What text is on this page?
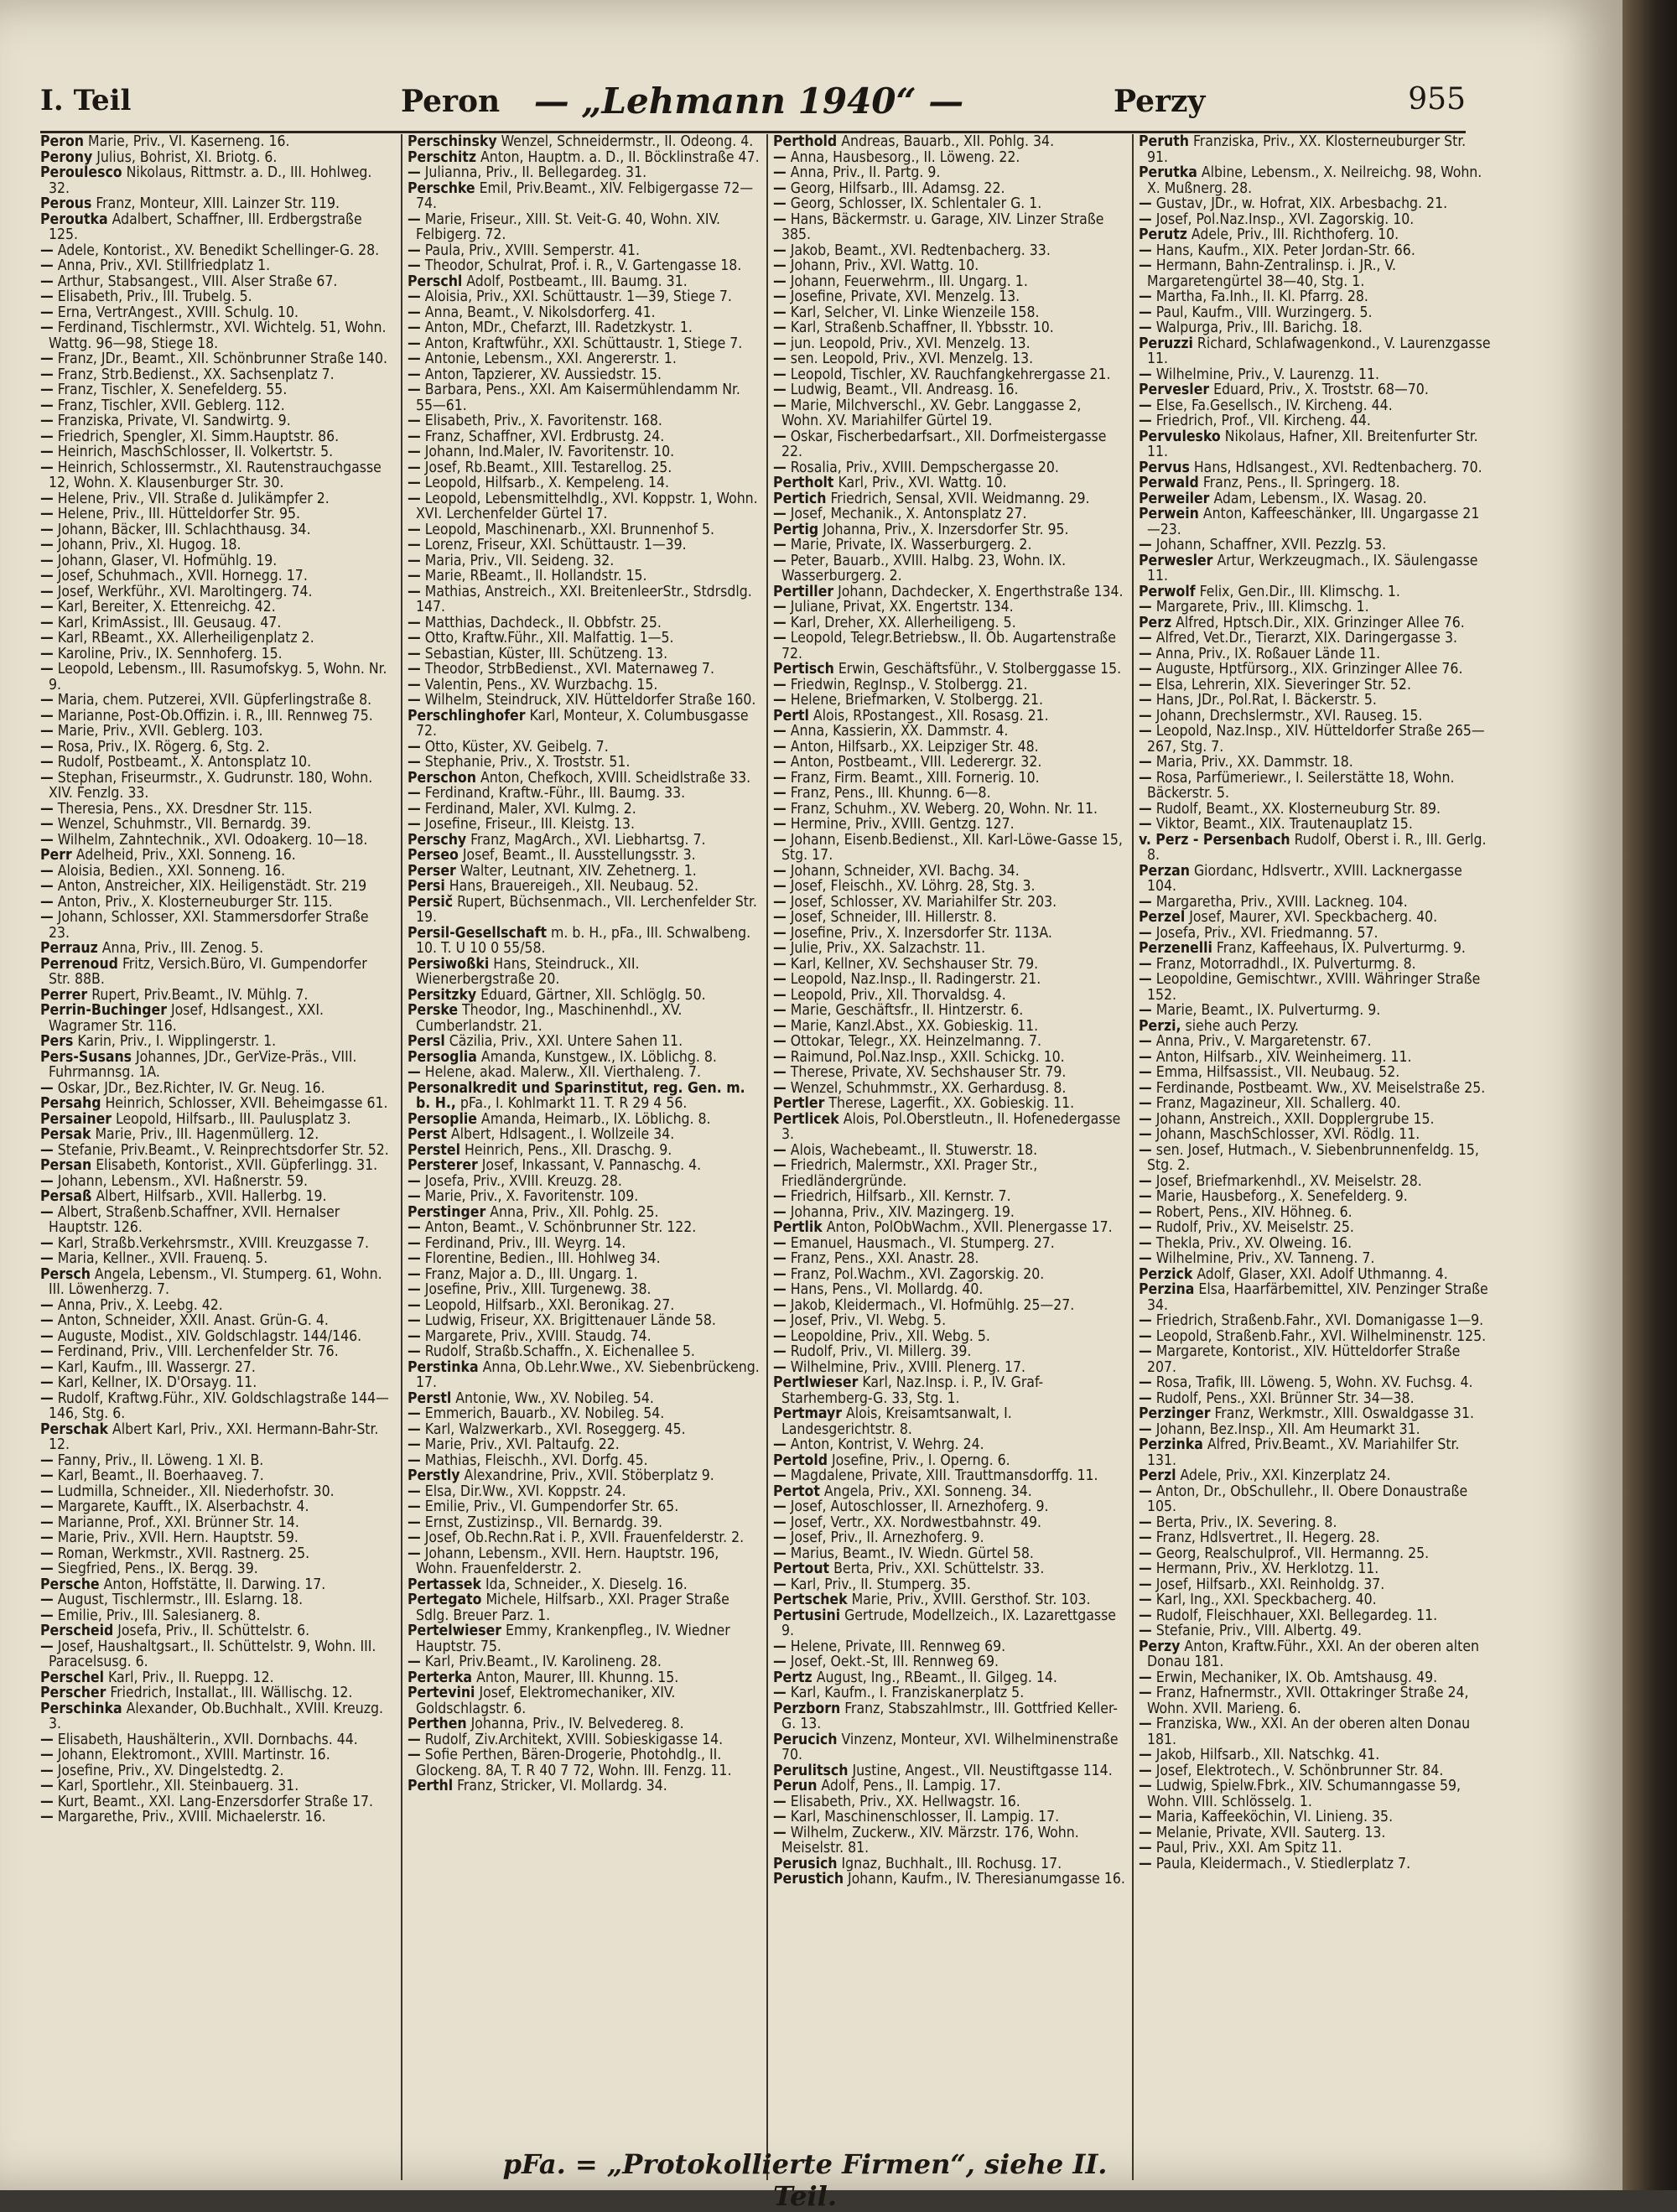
I. Teil	Peron — „Lehmann 1940“ —	Perzy	955
Peron Marie, Priv., VI. Kaserneng. 16.
Perony Julius, Bohrist, XI. Briotg. 6.
Peroulesco Nikolaus, Rittmstr. a. D., III. Hohlweg. 32.
Perous Franz, Monteur, XIII. Lainzer Str. 119.
Peroutka Adalbert, Schaffner, III. Erdbergstraße 125.
— Adele, Kontorist., XV. Benedikt Schellinger-G. 28.
— Anna, Priv., XVI. Stillfriedplatz 1.
— Arthur, Stabsangest., VIII. Alser Straße 67.
— Elisabeth, Priv., III. Trubelg. 5.
— Erna, VertrAngest., XVIII. Schulg. 10.
— Ferdinand, Tischlermstr., XVI. Wichtelg. 51, Wohn. Wattg. 96—98, Stiege 18.
— Franz, JDr., Beamt., XII. Schönbrunner Straße 140.
— Franz, Strb.Bedienst., XX. Sachsenplatz 7.
— Franz, Tischler, X. Senefelderg. 55.
— Franz, Tischler, XVII. Geblerg. 112.
— Franziska, Private, VI. Sandwirtg. 9.
— Friedrich, Spengler, XI. Simm.Hauptstr. 86.
— Heinrich, MaschSchlosser, II. Volkertstr. 5.
— Heinrich, Schlossermstr., XI. Rautenstrauchgasse 12, Wohn. X. Klausenburger Str. 30.
— Helene, Priv., VII. Straße d. Julikämpfer 2.
— Helene, Priv., III. Hütteldorfer Str. 95.
— Johann, Bäcker, III. Schlachthausg. 34.
— Johann, Priv., XI. Hugog. 18.
— Johann, Glaser, VI. Hofmühlg. 19.
— Josef, Schuhmach., XVII. Hornegg. 17.
— Josef, Werkführ., XVI. Maroltingerg. 74.
— Karl, Bereiter, X. Ettenreichg. 42.
— Karl, KrimAssist., III. Geusaug. 47.
— Karl, RBeamt., XX. Allerheiligenplatz 2.
— Karoline, Priv., IX. Sennhoferg. 15.
— Leopold, Lebensm., III. Rasumofskyg. 5, Wohn. Nr. 9.
— Maria, chem. Putzerei, XVII. Güpferlingstraße 8.
— Marianne, Post-Ob.Offizin. i. R., III. Rennweg 75.
— Marie, Priv., XVII. Geblerg. 103.
— Rosa, Priv., IX. Rögerg. 6, Stg. 2.
— Rudolf, Postbeamt., X. Antonsplatz 10.
— Stephan, Friseurmstr., X. Gudrunstr. 180, Wohn. XIV. Fenzlg. 33.
— Theresia, Pens., XX. Dresdner Str. 115.
— Wenzel, Schuhmstr., VII. Bernardg. 39.
— Wilhelm, Zahntechnik., XVI. Odoakerg. 10—18.
Perr Adelheid, Priv., XXI. Sonneng. 16.
— Aloisia, Bedien., XXI. Sonneng. 16.
— Anton, Anstreicher, XIX. Heiligenstädt. Str. 219
— Anton, Priv., X. Klosterneuburger Str. 115.
— Johann, Schlosser, XXI. Stammersdorfer Straße 23.
Perrauz Anna, Priv., III. Zenog. 5.
Perrenoud Fritz, Versich.Büro, VI. Gumpendorfer Str. 88B.
Perrer Rupert, Priv.Beamt., IV. Mühlg. 7.
Perrin-Buchinger Josef, Hdlsangest., XXI. Wagramer Str. 116.
Pers Karin, Priv., I. Wipplingerstr. 1.
Pers-Susans Johannes, JDr., GerVize-Präs., VIII. Fuhrmannsg. 1A.
— Oskar, JDr., Bez.Richter, IV. Gr. Neug. 16.
Persahg Heinrich, Schlosser, XVII. Beheimgasse 61.
Persainer Leopold, Hilfsarb., III. Paulusplatz 3.
Persak Marie, Priv., III. Hagenmüllerg. 12.
— Stefanie, Priv.Beamt., V. Reinprechtsdorfer Str. 52.
Persan Elisabeth, Kontorist., XVII. Güpferlingg. 31.
— Johann, Lebensm., XVI. Haßnerstr. 59.
Persaß Albert, Hilfsarb., XVII. Hallerbg. 19.
— Albert, Straßenb.Schaffner, XVII. Hernalser Hauptstr. 126.
— Karl, Straßb.Verkehrsmstr., XVIII. Kreuzgasse 7.
— Maria, Kellner., XVII. Frauenq. 5.
Persch Angela, Lebensm., VI. Stumperg. 61, Wohn. III. Löwenherzg. 7.
— Anna, Priv., X. Leebg. 42.
— Anton, Schneider, XXII. Anast. Grün-G. 4.
— Auguste, Modist., XIV. Goldschlagstr. 144/146.
— Ferdinand, Priv., VIII. Lerchenfelder Str. 76.
— Karl, Kaufm., III. Wassergr. 27.
— Karl, Kellner, IX. D'Orsayg. 11.
— Rudolf, Kraftwg.Führ., XIV. Goldschlagstraße 144—146, Stg. 6.
Perschak Albert Karl, Priv., XXI. Hermann-Bahr-Str. 12.
— Fanny, Priv., II. Löweng. 1 XI. B.
— Karl, Beamt., II. Boerhaaveg. 7.
— Ludmilla, Schneider., XII. Niederhofstr. 30.
— Margarete, Kaufft., IX. Alserbachstr. 4.
— Marianne, Prof., XXI. Brünner Str. 14.
— Marie, Priv., XVII. Hern. Hauptstr. 59.
— Roman, Werkmstr., XVII. Rastnerg. 25.
— Siegfried, Pens., IX. Berqg. 39.
Persche Anton, Hoffstätte, II. Darwing. 17.
— August, Tischlermstr., III. Eslarng. 18.
— Emilie, Priv., III. Salesianerg. 8.
Perscheid Josefa, Priv., II. Schüttelstr. 6.
— Josef, Haushaltgsart., II. Schüttelstr. 9, Wohn. III. Paracelsusg. 6.
Perschel Karl, Priv., II. Rueppg. 12.
Perscher Friedrich, Installat., III. Wällischg. 12.
Perschinka Alexander, Ob.Buchhalt., XVIII. Kreuzg. 3.
— Elisabeth, Haushälterin., XVII. Dornbachs. 44.
— Johann, Elektromont., XVIII. Martinstr. 16.
— Josefine, Priv., XV. Dingelstedtg. 2.
— Karl, Sportlehr., XII. Steinbauerg. 31.
— Kurt, Beamt., XXI. Lang-Enzersdorfer Straße 17.
— Margarethe, Priv., XVIII. Michaelerstr. 16.
Perschinsky Wenzel, Schneidermstr., II. Odeong. 4.
Perschitz Anton, Hauptm. a. D., II. Böcklinstraße 47.
— Julianna, Priv., II. Bellegardeg. 31.
Perschke Emil, Priv.Beamt., XIV. Felbigergasse 72—74.
— Marie, Friseur., XIII. St. Veit-G. 40, Wohn. XIV. Felbigerg. 72.
— Paula, Priv., XVIII. Semperstr. 41.
— Theodor, Schulrat, Prof. i. R., V. Gartengasse 18.
Perschl Adolf, Postbeamt., III. Baumg. 31.
— Aloisia, Priv., XXI. Schüttaustr. 1—39, Stiege 7.
— Anna, Beamt., V. Nikolsdorferg. 41.
— Anton, MDr., Chefarzt, III. Radetzkystr. 1.
— Anton, Kraftwführ., XXI. Schüttaustr. 1, Stiege 7.
— Antonie, Lebensm., XXI. Angererstr. 1.
— Anton, Tapzierer, XV. Aussiedstr. 15.
— Barbara, Pens., XXI. Am Kaisermühlendamm Nr. 55—61.
— Elisabeth, Priv., X. Favoritenstr. 168.
— Franz, Schaffner, XVI. Erdbrustg. 24.
— Johann, Ind.Maler, IV. Favoritenstr. 10.
— Josef, Rb.Beamt., XIII. Testarellog. 25.
— Leopold, Hilfsarb., X. Kempeleng. 14.
— Leopold, Lebensmittelhdlg., XVI. Koppstr. 1, Wohn. XVI. Lerchenfelder Gürtel 17.
— Leopold, Maschinenarb., XXI. Brunnenhof 5.
— Lorenz, Friseur, XXI. Schüttaustr. 1—39.
— Maria, Priv., VII. Seideng. 32.
— Marie, RBeamt., II. Hollandstr. 15.
— Mathias, Anstreich., XXI. BreitenleerStr., Stdrsdlg. 147.
— Matthias, Dachdeck., II. Obbfstr. 25.
— Otto, Kraftw.Führ., XII. Malfattig. 1—5.
— Sebastian, Küster, III. Schützeng. 13.
— Theodor, StrbBedienst., XVI. Maternaweg 7.
— Valentin, Pens., XV. Wurzbachg. 15.
— Wilhelm, Steindruck, XIV. Hütteldorfer Straße 160.
Perschlinghofer Karl, Monteur, X. Columbusgasse 72.
— Otto, Küster, XV. Geibelg. 7.
— Stephanie, Priv., X. Troststr. 51.
Perschon Anton, Chefkoch, XVIII. Scheidlstraße 33.
— Ferdinand, Kraftw.-Führ., III. Baumg. 33.
— Ferdinand, Maler, XVI. Kulmg. 2.
— Josefine, Friseur., III. Kleistg. 13.
Perschy Franz, MagArch., XVI. Liebhartsg. 7.
Perseo Josef, Beamt., II. Ausstellungsstr. 3.
Perser Walter, Leutnant, XIV. Zehetnerg. 1.
Persi Hans, Brauereigeh., XII. Neubaug. 52.
Persič Rupert, Büchsenmach., VII. Lerchenfelder Str. 19.
Persil-Gesellschaft m. b. H., pFa., III. Schwalbeng. 10. T. U 10 0 55/58.
Persiwoßki Hans, Steindruck., XII. Wienerbergstraße 20.
Persitzky Eduard, Gärtner, XII. Schlöglg. 50.
Perske Theodor, Ing., Maschinenhdl., XV. Cumberlandstr. 21.
Persl Cäzilia, Priv., XXI. Untere Sahen 11.
Persoglia Amanda, Kunstgew., IX. Löblichg. 8.
— Helene, akad. Malerw., XII. Vierthaleng. 7.
Personalkredit und Sparinstitut, reg. Gen. m. b. H., pFa., I. Kohlmarkt 11. T. R 29 4 56.
Persoplie Amanda, Heimarb., IX. Löblichg. 8.
Perst Albert, Hdlsagent., I. Wollzeile 34.
Perstel Heinrich, Pens., XII. Draschg. 9.
Persterer Josef, Inkassant, V. Pannaschg. 4.
— Josefa, Priv., XVIII. Kreuzg. 28.
— Marie, Priv., X. Favoritenstr. 109.
Perstinger Anna, Priv., XII. Pohlg. 25.
— Anton, Beamt., V. Schönbrunner Str. 122.
— Ferdinand, Priv., III. Weyrg. 14.
— Florentine, Bedien., III. Hohlweg 34.
— Franz, Major a. D., III. Ungarg. 1.
— Josefine, Priv., XIII. Turgenewg. 38.
— Leopold, Hilfsarb., XXI. Beronikag. 27.
— Ludwig, Friseur, XX. Brigittenauer Lände 58.
— Margarete, Priv., XVIII. Staudg. 74.
— Rudolf, Straßb.Schaffn., X. Eichenallee 5.
Perstinka Anna, Ob.Lehr.Wwe., XV. Siebenbrückeng. 17.
Perstl Antonie, Ww., XV. Nobileg. 54.
— Emmerich, Bauarb., XV. Nobileg. 54.
— Karl, Walzwerkarb., XVI. Roseggerg. 45.
— Marie, Priv., XVI. Paltaufg. 22.
— Mathias, Fleischh., XVI. Dorfg. 45.
Perstly Alexandrine, Priv., XVII. Stöberplatz 9.
— Elsa, Dir.Ww., XVI. Koppstr. 24.
— Emilie, Priv., VI. Gumpendorfer Str. 65.
— Ernst, Zustizinsp., VII. Bernardg. 39.
— Josef, Ob.Rechn.Rat i. P., XVII. Frauenfelderstr. 2.
— Johann, Lebensm., XVII. Hern. Hauptstr. 196, Wohn. Frauenfelderstr. 2.
Pertassek Ida, Schneider., X. Dieselg. 16.
Pertegato Michele, Hilfsarb., XXI. Prager Straße Sdlg. Breuer Parz. 1.
Pertelwieser Emmy, Krankenpfleg., IV. Wiedner Hauptstr. 75.
— Karl, Priv.Beamt., IV. Karolineng. 28.
Perterka Anton, Maurer, III. Khunng. 15.
Pertevini Josef, Elektromechaniker, XIV. Goldschlagstr. 6.
Perthen Johanna, Priv., IV. Belvedereg. 8.
— Rudolf, Ziv.Architekt, XVIII. Sobieskigasse 14.
— Sofie Perthen, Bären-Drogerie, Photohdlg., II. Glockeng. 8A, T. R 40 7 72, Wohn. III. Fenzg. 11.
Perthl Franz, Stricker, VI. Mollardg. 34.
Perthold Andreas, Bauarb., XII. Pohlg. 34.
— Anna, Hausbesorg., II. Löweng. 22.
— Anna, Priv., II. Partg. 9.
— Georg, Hilfsarb., III. Adamsg. 22.
— Georg, Schlosser, IX. Schlentaler G. 1.
— Hans, Bäckermstr. u. Garage, XIV. Linzer Straße 385.
— Jakob, Beamt., XVI. Redtenbacherg. 33.
— Johann, Priv., XVI. Wattg. 10.
— Johann, Feuerwehrm., III. Ungarg. 1.
— Josefine, Private, XVI. Menzelg. 13.
— Karl, Selcher, VI. Linke Wienzeile 158.
— Karl, Straßenb.Schaffner, II. Ybbsstr. 10.
— jun. Leopold, Priv., XVI. Menzelg. 13.
— sen. Leopold, Priv., XVI. Menzelg. 13.
— Leopold, Tischler, XV. Rauchfangkehrergasse 21.
— Ludwig, Beamt., VII. Andreasg. 16.
— Marie, Milchverschl., XV. Gebr. Langgasse 2, Wohn. XV. Mariahilfer Gürtel 19.
— Oskar, Fischerbedarfsart., XII. Dorfmeistergasse 22.
— Rosalia, Priv., XVIII. Dempschergasse 20.
Pertholt Karl, Priv., XVI. Wattg. 10.
Pertich Friedrich, Sensal, XVII. Weidmanng. 29.
— Josef, Mechanik., X. Antonsplatz 27.
Pertig Johanna, Priv., X. Inzersdorfer Str. 95.
— Marie, Private, IX. Wasserburgerg. 2.
— Peter, Bauarb., XVIII. Halbg. 23, Wohn. IX. Wasserburgerg. 2.
Pertiller Johann, Dachdecker, X. Engerthstraße 134.
— Juliane, Privat, XX. Engertstr. 134.
— Karl, Dreher, XX. Allerheiligeng. 5.
— Leopold, Telegr.Betriebsw., II. Ob. Augartenstraße 72.
Pertisch Erwin, Geschäftsführ., V. Stolberggasse 15.
— Friedwin, RegInsp., V. Stolbergg. 21.
— Helene, Briefmarken, V. Stolbergg. 21.
Pertl Alois, RPostangest., XII. Rosasg. 21.
— Anna, Kassierin, XX. Dammstr. 4.
— Anton, Hilfsarb., XX. Leipziger Str. 48.
— Anton, Postbeamt., VIII. Lederergr. 32.
— Franz, Firm. Beamt., XIII. Fornerig. 10.
— Franz, Pens., III. Khunng. 6—8.
— Franz, Schuhm., XV. Weberg. 20, Wohn. Nr. 11.
— Hermine, Priv., XVIII. Gentzg. 127.
— Johann, Eisenb.Bedienst., XII. Karl-Löwe-Gasse 15, Stg. 17.
— Johann, Schneider, XVI. Bachg. 34.
— Josef, Fleischh., XV. Löhrg. 28, Stg. 3.
— Josef, Schlosser, XV. Mariahilfer Str. 203.
— Josef, Schneider, III. Hillerstr. 8.
— Josefine, Priv., X. Inzersdorfer Str. 113A.
— Julie, Priv., XX. Salzachstr. 11.
— Karl, Kellner, XV. Sechshauser Str. 79.
— Leopold, Naz.Insp., II. Radingerstr. 21.
— Leopold, Priv., XII. Thorvaldsg. 4.
— Marie, Geschäftsfr., II. Hintzerstr. 6.
— Marie, Kanzl.Abst., XX. Gobieskig. 11.
— Ottokar, Telegr., XX. Heinzelmanng. 7.
— Raimund, Pol.Naz.Insp., XXII. Schickg. 10.
— Therese, Private, XV. Sechshauser Str. 79.
— Wenzel, Schuhmmstr., XX. Gerhardusg. 8.
Pertler Therese, Lagerfit., XX. Gobieskig. 11.
Pertlicek Alois, Pol.Oberstleutn., II. Hofenedergasse 3.
— Alois, Wachebeamt., II. Stuwerstr. 18.
— Friedrich, Malermstr., XXI. Prager Str., Friedländergründe.
— Friedrich, Hilfsarb., XII. Kernstr. 7.
— Johanna, Priv., XIV. Mazingerg. 19.
Pertlik Anton, PolObWachm., XVII. Plenergasse 17.
— Emanuel, Hausmach., VI. Stumperg. 27.
— Franz, Pens., XXI. Anastr. 28.
— Franz, Pol.Wachm., XVI. Zagorskig. 20.
— Hans, Pens., VI. Mollardg. 40.
— Jakob, Kleidermach., VI. Hofmühlg. 25—27.
— Josef, Priv., VI. Webg. 5.
— Leopoldine, Priv., XII. Webg. 5.
— Rudolf, Priv., VI. Millerg. 39.
— Wilhelmine, Priv., XVIII. Plenerg. 17.
Pertlwieser Karl, Naz.Insp. i. P., IV. Graf-Starhemberg-G. 33, Stg. 1.
Pertmayr Alois, Kreisamtsanwalt, I. Landesgerichtstr. 8.
— Anton, Kontrist, V. Wehrg. 24.
Pertold Josefine, Priv., I. Operng. 6.
— Magdalene, Private, XIII. Trauttmansdorffg. 11.
Pertot Angela, Priv., XXI. Sonneng. 34.
— Josef, Autoschlosser, II. Arnezhoferg. 9.
— Josef, Vertr., XX. Nordwestbahnstr. 49.
— Josef, Priv., II. Arnezhoferg. 9.
— Marius, Beamt., IV. Wiedn. Gürtel 58.
Pertout Berta, Priv., XXI. Schüttelstr. 33.
— Karl, Priv., II. Stumperg. 35.
Pertschek Marie, Priv., XVIII. Gersthof. Str. 103.
Pertusini Gertrude, Modellzeich., IX. Lazarettgasse 9.
— Helene, Private, III. Rennweg 69.
— Josef, Oekt.-St, III. Rennweg 69.
Pertz August, Ing., RBeamt., II. Gilgeg. 14.
— Karl, Kaufm., I. Franziskanerplatz 5.
Perzborn Franz, Stabszahlmstr., III. Gottfried Keller-G. 13.
Perucich Vinzenz, Monteur, XVI. Wilhelminenstraße 70.
Perulitsch Justine, Angest., VII. Neustiftgasse 114.
Perun Adolf, Pens., II. Lampig. 17.
— Elisabeth, Priv., XX. Hellwagstr. 16.
— Karl, Maschinenschlosser, II. Lampig. 17.
— Wilhelm, Zuckerw., XIV. Märzstr. 176, Wohn. Meiselstr. 81.
Perusich Ignaz, Buchhalt., III. Rochusg. 17.
Perustich Johann, Kaufm., IV. Theresianumgasse 16.
Peruth Franziska, Priv., XX. Klosterneuburger Str. 91.
Perutka Albine, Lebensm., X. Neilreichg. 98, Wohn. X. Mußnerg. 28.
— Gustav, JDr., w. Hofrat, XIX. Arbesbachg. 21.
— Josef, Pol.Naz.Insp., XVI. Zagorskig. 10.
Perutz Adele, Priv., III. Richthoferg. 10.
— Hans, Kaufm., XIX. Peter Jordan-Str. 66.
— Hermann, Bahn-Zentralinsp. i. JR., V. Margaretengürtel 38—40, Stg. 1.
— Martha, Fa.Inh., II. Kl. Pfarrg. 28.
— Paul, Kaufm., VIII. Wurzingerg. 5.
— Walpurga, Priv., III. Barichg. 18.
Peruzzi Richard, Schlafwagenkond., V. Laurenzgasse 11.
— Wilhelmine, Priv., V. Laurenzg. 11.
Pervesler Eduard, Priv., X. Troststr. 68—70.
— Else, Fa.Gesellsch., IV. Kircheng. 44.
— Friedrich, Prof., VII. Kircheng. 44.
Pervulesko Nikolaus, Hafner, XII. Breitenfurter Str. 11.
Pervus Hans, Hdlsangest., XVI. Redtenbacherg. 70.
Perwald Franz, Pens., II. Springerg. 18.
Perweiler Adam, Lebensm., IX. Wasag. 20.
Perwein Anton, Kaffeeschänker, III. Ungargasse 21—23.
— Johann, Schaffner, XVII. Pezzlg. 53.
Perwesler Artur, Werkzeugmach., IX. Säulengasse 11.
Perwolf Felix, Gen.Dir., III. Klimschg. 1.
— Margarete, Priv., III. Klimschg. 1.
Perz Alfred, Hptsch.Dir., XIX. Grinzinger Allee 76.
— Alfred, Vet.Dr., Tierarzt, XIX. Daringergasse 3.
— Anna, Priv., IX. Roßauer Lände 11.
— Auguste, Hptfürsorg., XIX. Grinzinger Allee 76.
— Elsa, Lehrerin, XIX. Sieveringer Str. 52.
— Hans, JDr., Pol.Rat, I. Bäckerstr. 5.
— Johann, Drechslermstr., XVI. Rauseg. 15.
— Leopold, Naz.Insp., XIV. Hütteldorfer Straße 265—267, Stg. 7.
— Maria, Priv., XX. Dammstr. 18.
— Rosa, Parfümeriewr., I. Seilerstätte 18, Wohn. Bäckerstr. 5.
— Rudolf, Beamt., XX. Klosterneuburg Str. 89.
— Viktor, Beamt., XIX. Trautenauplatz 15.
v. Perz - Persenbach Rudolf, Oberst i. R., III. Gerlg. 8.
Perzan Giordanc, Hdlsvertr., XVIII. Lacknergasse 104.
— Margaretha, Priv., XVIII. Lackneg. 104.
Perzel Josef, Maurer, XVI. Speckbacherg. 40.
— Josefa, Priv., XVI. Friedmanng. 57.
Perzenelli Franz, Kaffeehaus, IX. Pulverturmg. 9.
— Franz, Motorradhdl., IX. Pulverturmg. 8.
— Leopoldine, Gemischtwr., XVIII. Währinger Straße 152.
— Marie, Beamt., IX. Pulverturmg. 9.
Perzi, siehe auch Perzy.
— Anna, Priv., V. Margaretenstr. 67.
— Anton, Hilfsarb., XIV. Weinheimerg. 11.
— Emma, Hilfsassist., VII. Neubaug. 52.
— Ferdinande, Postbeamt. Ww., XV. Meiselstraße 25.
— Franz, Magazineur, XII. Schallerg. 40.
— Johann, Anstreich., XXII. Dopplergrube 15.
— Johann, MaschSchlosser, XVI. Rödlg. 11.
— sen. Josef, Hutmach., V. Siebenbrunnenfeldg. 15, Stg. 2.
— Josef, Briefmarkenhdl., XV. Meiselstr. 28.
— Marie, Hausbeforg., X. Senefelderg. 9.
— Robert, Pens., XIV. Höhneg. 6.
— Rudolf, Priv., XV. Meiselstr. 25.
— Thekla, Priv., XV. Olweing. 16.
— Wilhelmine, Priv., XV. Tanneng. 7.
Perzick Adolf, Glaser, XXI. Adolf Uthmanng. 4.
Perzina Elsa, Haarfärbemittel, XIV. Penzinger Straße 34.
— Friedrich, Straßenb.Fahr., XVI. Domanigasse 1—9.
— Leopold, Straßenb.Fahr., XVI. Wilhelminenstr. 125.
— Margarete, Kontorist., XIV. Hütteldorfer Straße 207.
— Rosa, Trafik, III. Löweng. 5, Wohn. XV. Fuchsg. 4.
— Rudolf, Pens., XXI. Brünner Str. 34—38.
Perzinger Franz, Werkmstr., XIII. Oswaldgasse 31.
— Johann, Bez.Insp., XII. Am Heumarkt 31.
Perzinka Alfred, Priv.Beamt., XV. Mariahilfer Str. 131.
Perzl Adele, Priv., XXI. Kinzerplatz 24.
— Anton, Dr., ObSchullehr., II. Obere Donaustraße 105.
— Berta, Priv., IX. Severing. 8.
— Franz, Hdlsvertret., II. Hegerg. 28.
— Georg, Realschulprof., VII. Hermanng. 25.
— Hermann, Priv., XV. Herklotzg. 11.
— Josef, Hilfsarb., XXI. Reinholdg. 37.
— Karl, Ing., XXI. Speckbacherg. 40.
— Rudolf, Fleischhauer, XXI. Bellegardeg. 11.
— Stefanie, Priv., VIII. Albertg. 49.
Perzy Anton, Kraftw.Führ., XXI. An der oberen alten Donau 181.
— Erwin, Mechaniker, IX. Ob. Amtshausg. 49.
— Franz, Hafnermstr., XVII. Ottakringer Straße 24, Wohn. XVII. Marieng. 6.
— Franziska, Ww., XXI. An der oberen alten Donau 181.
— Jakob, Hilfsarb., XII. Natschkg. 41.
— Josef, Elektrotech., V. Schönbrunner Str. 84.
— Ludwig, Spielw.Fbrk., XIV. Schumanngasse 59, Wohn. VIII. Schlösselg. 1.
— Maria, Kaffeeköchin, VI. Linieng. 35.
— Melanie, Private, XVII. Sauterg. 13.
— Paul, Priv., XXI. Am Spitz 11.
— Paula, Kleidermach., V. Stiedlerplatz 7.
pFa. = „Protokollierte Firmen“, siehe II. Teil.
